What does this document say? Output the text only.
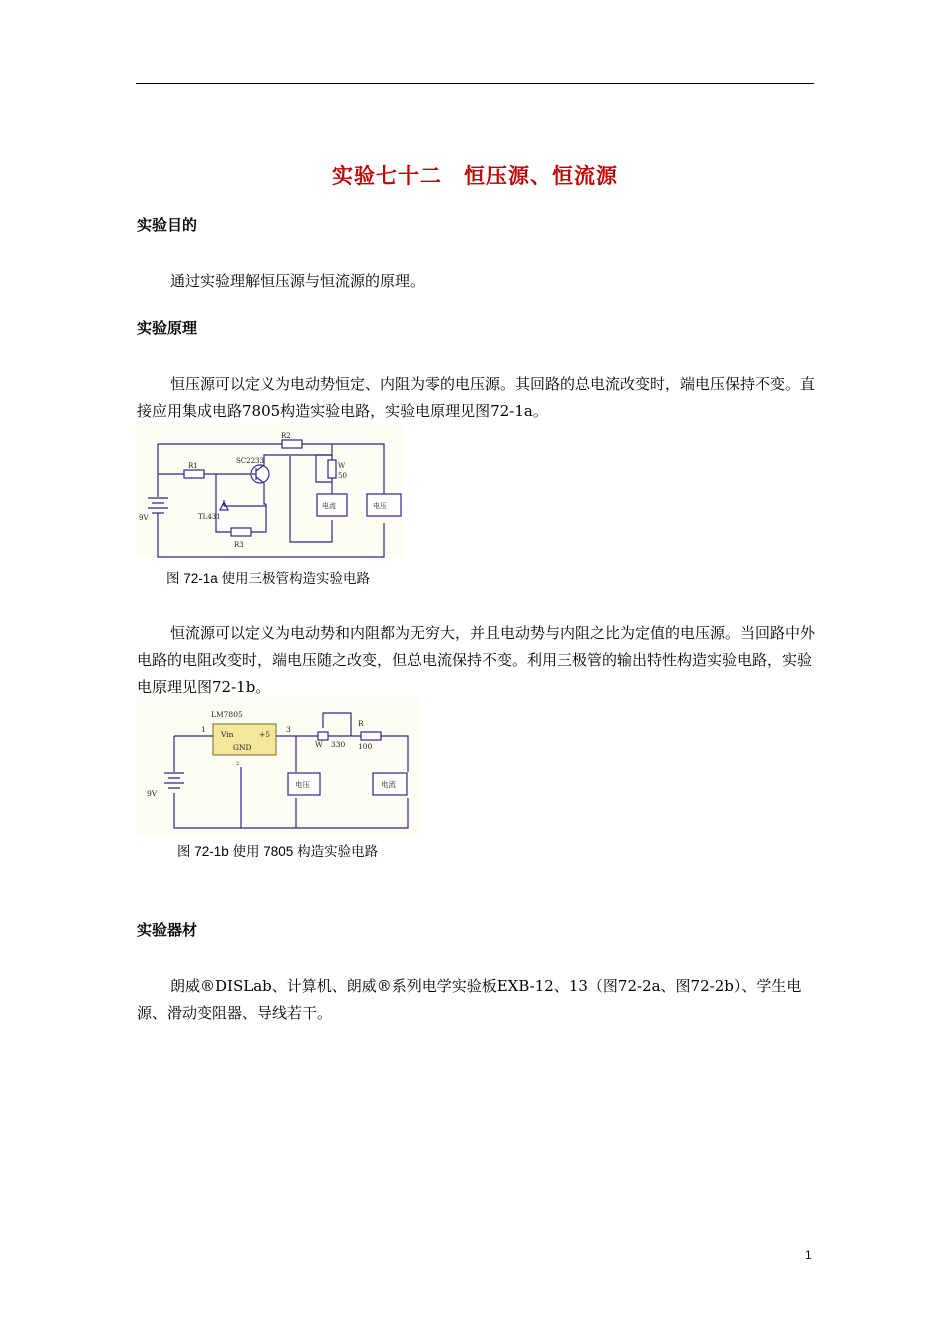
实验七十二　恒压源、恒流源
实验目的

通过实验理解恒压源与恒流源的原理。

实验原理

恒压源可以定义为电动势恒定、内阻为零的电压源。其回路的总电流改变时，端电压保持不变。直接应用集成电路7805构造实验电路，实验电原理见图72-1a。

R2
R1
R3
SC2233
W
50
9V	TL431
电流	电压
图 72-1a 使用三极管构造实验电路

恒流源可以定义为电动势和内阻都为无穷大，并且电动势与内阻之比为定值的电压源。当回路中外电路的电阻改变时，端电压随之改变，但总电流保持不变。利用三极管的输出特性构造实验电路，实验电原理见图72-1b。

LM7805
Vin	+5
GND
1	3
2
W 330
R
100
9V
电压	电流
图 72-1b 使用 7805 构造实验电路
实验器材

朗威®DISLab、计算机、朗威®系列电学实验板EXB-12、13（图72-2a、图72-2b）、学生电源、滑动变阻器、导线若干。

1
